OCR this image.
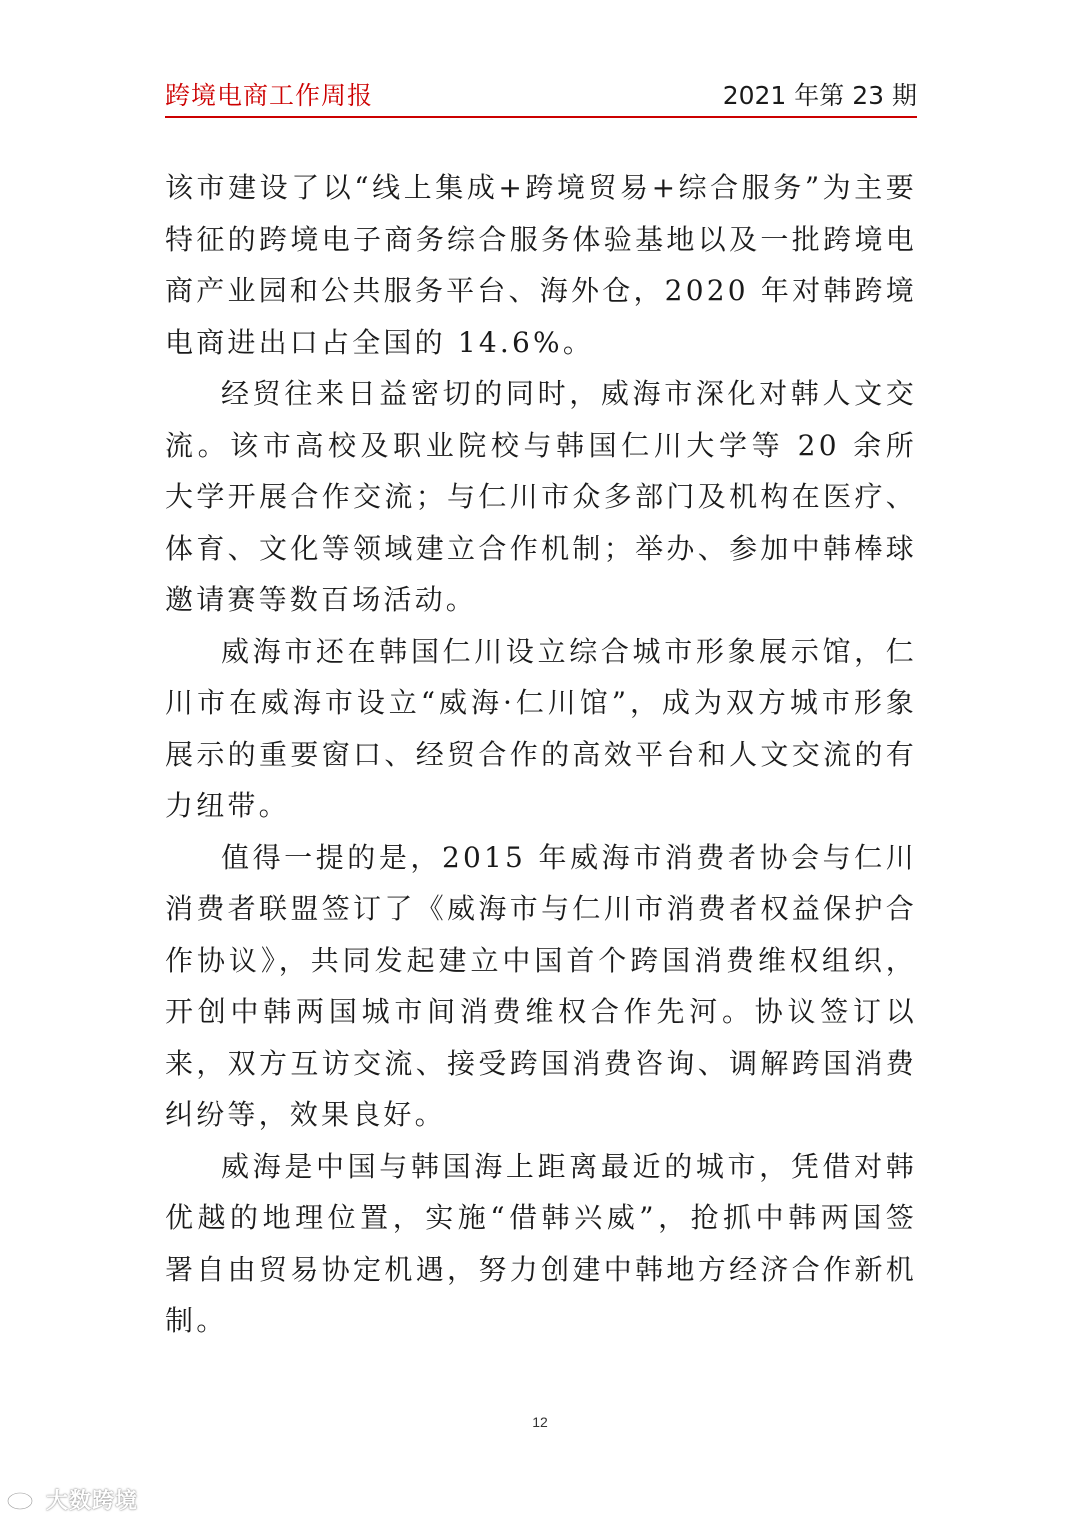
跨境电商工作周报	2021 年第 23 期

该市建设了以“线上集成+跨境贸易+综合服务”为主要特征的跨境电子商务综合服务体验基地以及一批跨境电商产业园和公共服务平台、海外仓，2020 年对韩跨境电商进出口占全国的 14.6%。

经贸往来日益密切的同时，威海市深化对韩人文交流。该市高校及职业院校与韩国仁川大学等 20 余所大学开展合作交流；与仁川市众多部门及机构在医疗、体育、文化等领域建立合作机制；举办、参加中韩棒球邀请赛等数百场活动。

威海市还在韩国仁川设立综合城市形象展示馆，仁川市在威海市设立“威海·仁川馆”，成为双方城市形象展示的重要窗口、经贸合作的高效平台和人文交流的有力纽带。

值得一提的是，2015 年威海市消费者协会与仁川消费者联盟签订了《威海市与仁川市消费者权益保护合作协议》，共同发起建立中国首个跨国消费维权组织，开创中韩两国城市间消费维权合作先河。协议签订以来，双方互访交流、接受跨国消费咨询、调解跨国消费纠纷等，效果良好。

威海是中国与韩国海上距离最近的城市，凭借对韩优越的地理位置，实施“借韩兴威”，抢抓中韩两国签署自由贸易协定机遇，努力创建中韩地方经济合作新机制。

12
大数跨境
